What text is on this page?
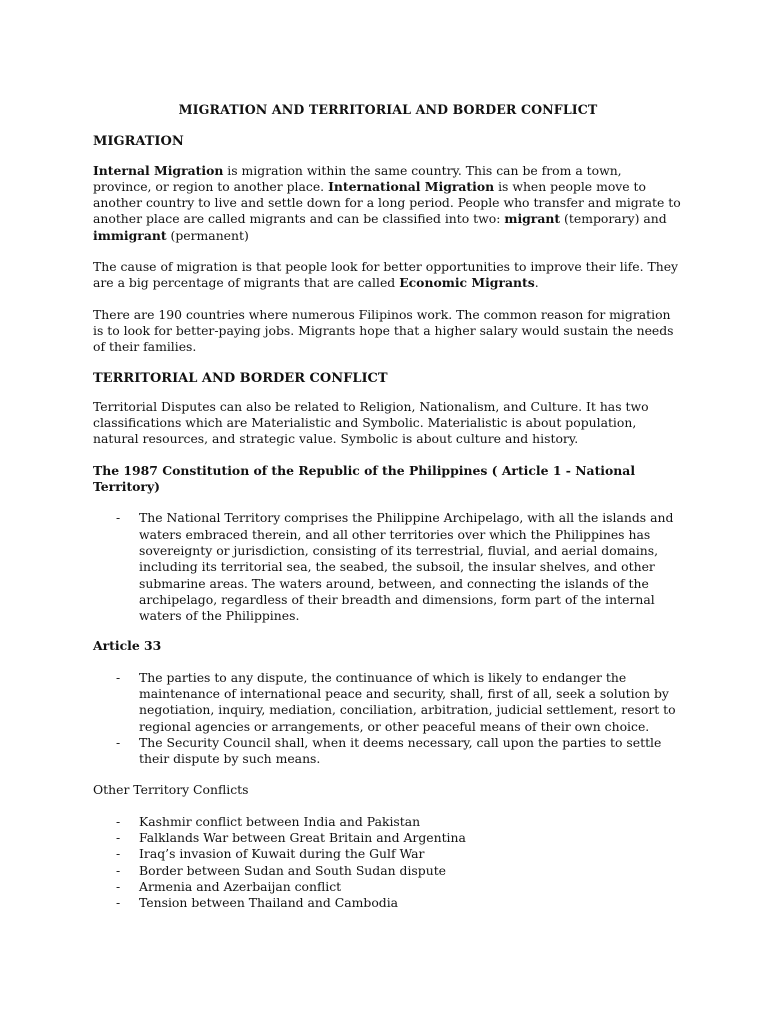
MIGRATION AND TERRITORIAL AND BORDER CONFLICT
MIGRATION

Internal Migration is migration within the same country. This can be from a town, province, or region to another place. International Migration is when people move to another country to live and settle down for a long period. People who transfer and migrate to another place are called migrants and can be classified into two: migrant (temporary) and immigrant (permanent)

The cause of migration is that people look for better opportunities to improve their life. They are a big percentage of migrants that are called Economic Migrants.

There are 190 countries where numerous Filipinos work. The common reason for migration is to look for better-paying jobs. Migrants hope that a higher salary would sustain the needs of their families.

TERRITORIAL AND BORDER CONFLICT

Territorial Disputes can also be related to Religion, Nationalism, and Culture. It has two classifications which are Materialistic and Symbolic. Materialistic is about population, natural resources, and strategic value. Symbolic is about culture and history.

The 1987 Constitution of the Republic of the Philippines ( Article 1 - National Territory)
- The National Territory comprises the Philippine Archipelago, with all the islands and waters embraced therein, and all other territories over which the Philippines has sovereignty or jurisdiction, consisting of its terrestrial, fluvial, and aerial domains, including its territorial sea, the seabed, the subsoil, the insular shelves, and other submarine areas. The waters around, between, and connecting the islands of the archipelago, regardless of their breadth and dimensions, form part of the internal waters of the Philippines.
Article 33
- The parties to any dispute, the continuance of which is likely to endanger the maintenance of international peace and security, shall, first of all, seek a solution by negotiation, inquiry, mediation, conciliation, arbitration, judicial settlement, resort to regional agencies or arrangements, or other peaceful means of their own choice.
- The Security Council shall, when it deems necessary, call upon the parties to settle their dispute by such means.
Other Territory Conflicts
- Kashmir conflict between India and Pakistan
- Falklands War between Great Britain and Argentina
- Iraq’s invasion of Kuwait during the Gulf War
- Border between Sudan and South Sudan dispute
- Armenia and Azerbaijan conflict
- Tension between Thailand and Cambodia
